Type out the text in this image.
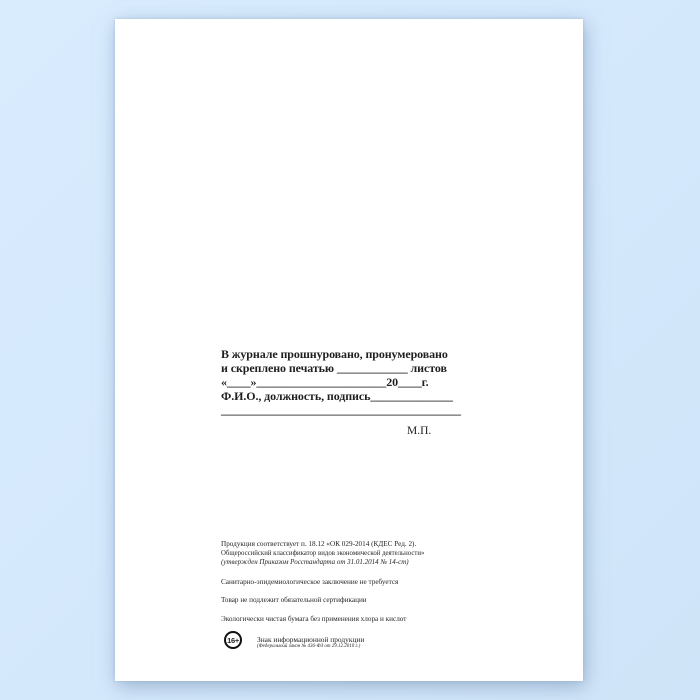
В журнале прошнуровано, пронумеровано
и скреплено печатью ____________ листов
«____»______________________20____г.
Ф.И.О., должность, подпись______________
________________________________________
М.П.
Продукция соответствует п. 18.12 «ОК 029-2014 (КДЕС Ред. 2).
Общероссийский классификатор видов экономической деятельности»
(утвержден Приказом Росстандарта от 31.01.2014 № 14-ст)
Санитарно-эпидемиологическое заключение не требуется
Товар не подлежит обязательной сертификации
Экологически чистая бумага без применения хлора и кислот
16+ Знак информационной продукции
(Федеральный закон № 436-ФЗ от 29.12.2010 г.)
